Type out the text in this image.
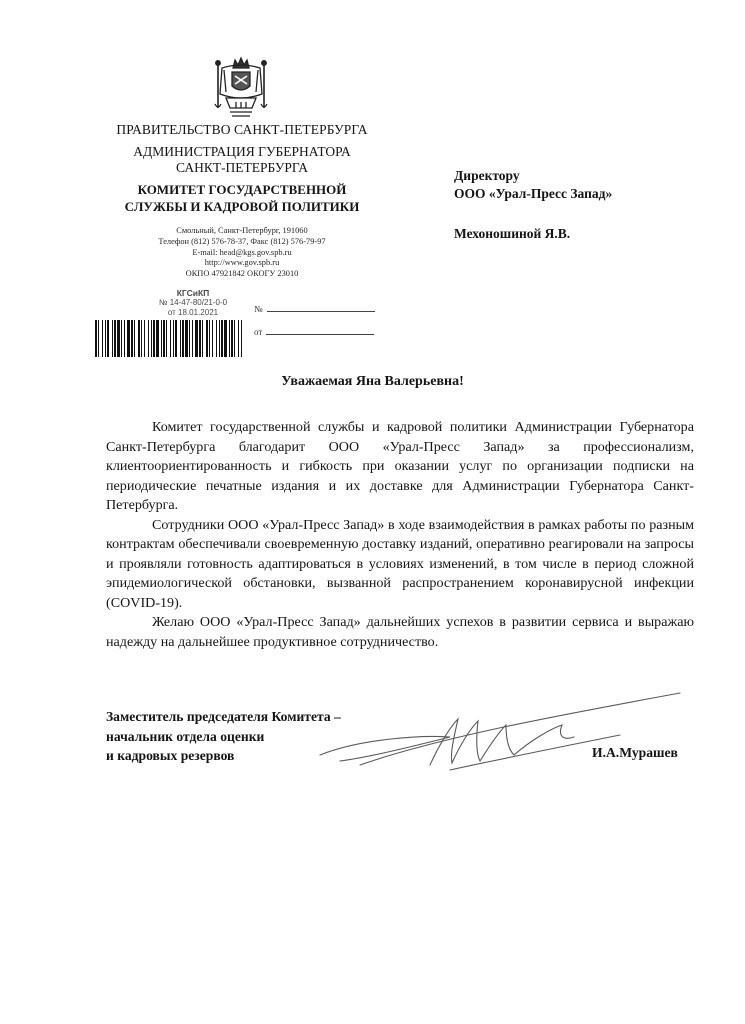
ПРАВИТЕЛЬСТВО САНКТ-ПЕТЕРБУРГА
АДМИНИСТРАЦИЯ ГУБЕРНАТОРА
САНКТ-ПЕТЕРБУРГА
КОМИТЕТ ГОСУДАРСТВЕННОЙ
СЛУЖБЫ И КАДРОВОЙ ПОЛИТИКИ
Смольный, Санкт-Петербург, 191060
Телефон (812) 576-78-37, Факс (812) 576-79-97
E-mail: head@kgs.gov.spb.ru
http://www.gov.spb.ru
ОКПО 47921842 ОКОГУ 23010
КГСиКП
№ 14-47-80/21-0-0
от 18.01.2021	№
от
Директору
ООО «Урал-Пресс Запад»
Мехоношиной Я.В.
Уважаемая Яна Валерьевна!

Комитет государственной службы и кадровой политики Администрации Губернатора Санкт-Петербурга благодарит ООО «Урал-Пресс Запад» за профессионализм, клиентоориентированность и гибкость при оказании услуг по организации подписки на периодические печатные издания и их доставке для Администрации Губернатора Санкт-Петербурга.

Сотрудники ООО «Урал-Пресс Запад» в ходе взаимодействия в рамках работы по разным контрактам обеспечивали своевременную доставку изданий, оперативно реагировали на запросы и проявляли готовность адаптироваться в условиях изменений, в том числе в период сложной эпидемиологической обстановки, вызванной распространением коронавирусной инфекции (COVID-19).

Желаю ООО «Урал-Пресс Запад» дальнейших успехов в развитии сервиса и выражаю надежду на дальнейшее продуктивное сотрудничество.

Заместитель председателя Комитета –
начальник отдела оценки
и кадровых резервов	И.А.Мурашев
